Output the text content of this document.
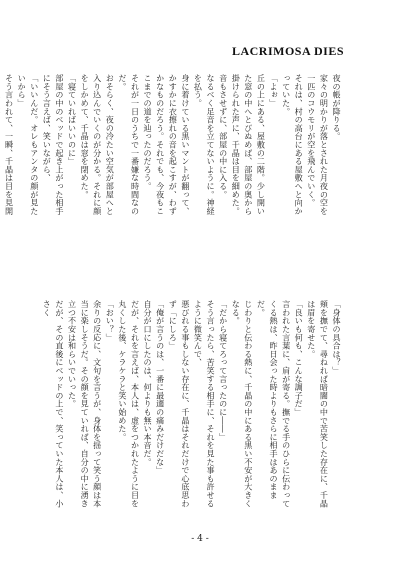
LACRIMOSA DIES

夜の帳が降りる。

家々の明かりが落とされた月夜の空を一匹のコウモリが空を飛んでいく。

それは、村の高台にある屋敷へと向かっていた。

「よぉ」

丘の上にある、屋敷の二階。少し開いた窓の中へとびぬめば、部屋の奥から掛けられた声に、千晶は目を細めた。

音もさせずに、部屋の中に入る。

なるべく足音を立てないように。神経を払う。

身に着けている黒いマントが翻って、かすかに衣擦れの音を起こすが、わずかなものだろう。それでも、今夜もここまでの道を辿ったのだろう。

それが一日のうちで一番嫌な時間なのだ。

おそらく、夜の冷たい空気が部屋へと入り込んでいくのが分かる。それに顔をしかめて、千晶は窓を閉めた。

「寝ていればいいのに」

部屋の中のベッドで起き上がった相手にそう言えば、笑いながら、

「いいんだ。オレもアンタの顔が見たいから」

そう言われて、一瞬、千晶は目を見開

「身体の具合は？」

頬を撫でて、尋ねれば暗闇の中で苦笑した存在に、千晶は眉を寄せた。

「良いも何も、こんな調子だ」

言われた言葉に、肩が寄る。撫でる手のひらに伝わってくる熱は、昨日会った時よりもさらに相手はあのままだ。

じわりと伝わる熱に、千晶の中にある黒い不安が大きくなる。

「だから寝てろって言ったのに――」

そう言ったら、苦笑する相手に、それを見た事も許せるように微笑んで、

悪びれる事もしない存在に、千晶はそれだけで心底思わず「にしろ」

「俺が言うのは、一番に最適の痛みだけだな」

自分が口にしたのは、何よりも無い本音だ。

だが、それを言えば、本人は、虚をつかれたように目を丸くした後、ケラケラと笑い始めた。

「おい？」

余りの反応に、文句を言うが、身体を揺って笑う顔は本当に楽しそうだ。その顔を見ていれば、自分の中に湧き立つ不安は和らいでいった。

だが、その直後にベッドの上で、笑っていた本人は、小さく

- 4 -
